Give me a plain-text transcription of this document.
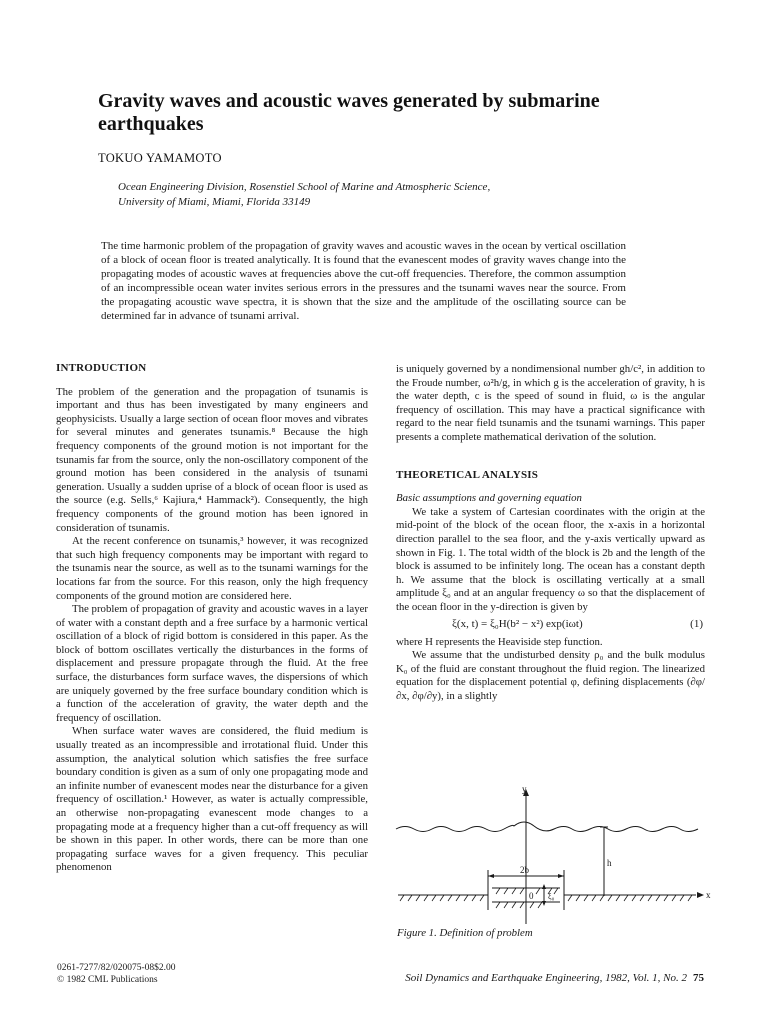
Gravity waves and acoustic waves generated by submarine earthquakes
TOKUO YAMAMOTO
Ocean Engineering Division, Rosenstiel School of Marine and Atmospheric Science,
University of Miami, Miami, Florida 33149
The time harmonic problem of the propagation of gravity waves and acoustic waves in the ocean by vertical oscillation of a block of ocean floor is treated analytically. It is found that the evanescent modes of gravity waves change into the propagating modes of acoustic waves at frequencies above the cut-off frequencies. Therefore, the common assumption of an incompressible ocean water invites serious errors in the pressures and the tsunami waves near the source. From the propagating acoustic wave spectra, it is shown that the size and the amplitude of the oscillating source can be determined far in advance of tsunami arrival.
INTRODUCTION

The problem of the generation and the propagation of tsunamis is important and thus has been investigated by many engineers and geophysicists. Usually a large section of ocean floor moves and vibrates for several minutes and generates tsunamis.⁸ Because the high frequency components of the ground motion is not important for the tsunamis far from the source, only the non-oscillatory component of the ground motion has been considered in the analysis of tsunami generation. Usually a sudden uprise of a block of ocean floor is used as the source (e.g. Sells,⁶ Kajiura,⁴ Hammack²). Consequently, the high frequency components of the ground motion has been ignored in consideration of tsunamis.

At the recent conference on tsunamis,³ however, it was recognized that such high frequency components may be important with regard to the tsunamis near the source, as well as to the tsunami warnings for the locations far from the source. For this reason, only the high frequency components of the ground motion are considered here.

The problem of propagation of gravity and acoustic waves in a layer of water with a constant depth and a free surface by a harmonic vertical oscillation of a block of rigid bottom is considered in this paper. As the block of bottom oscillates vertically the disturbances in the forms of displacement and pressure propagate through the fluid. At the free surface, the disturbances form surface waves, the dispersions of which are uniquely governed by the free surface boundary condition which is a function of the acceleration of gravity, the water depth and the frequency of oscillation.

When surface water waves are considered, the fluid medium is usually treated as an incompressible and irrotational fluid. Under this assumption, the analytical solution which satisfies the free surface boundary condition is given as a sum of only one propagating mode and an infinite number of evanescent modes near the disturbance for a given frequency of oscillation.¹ However, as water is actually compressible, an otherwise non-propagating evanescent mode changes to a propagating mode at a frequency higher than a cut-off frequency as will be shown in this paper. In other words, there can be more than one propagating surface waves for a given frequency. This peculiar phenomenon

is uniquely governed by a nondimensional number gh/c², in addition to the Froude number, ω²h/g, in which g is the acceleration of gravity, h is the water depth, c is the speed of sound in fluid, ω is the angular frequency of oscillation. This may have a practical significance with regard to the near field tsunamis and the tsunami warnings. This paper presents a complete mathematical derivation of the solution.

THEORETICAL ANALYSIS

Basic assumptions and governing equation

We take a system of Cartesian coordinates with the origin at the mid-point of the block of the ocean floor, the x-axis in a horizontal direction parallel to the sea floor, and the y-axis vertically upward as shown in Fig. 1. The total width of the block is 2b and the length of the block is assumed to be infinitely long. The ocean has a constant depth h. We assume that the block is oscillating vertically at a small amplitude ξ₀ and at an angular frequency ω so that the displacement of the ocean floor in the y-direction is given by

ξ(x, t) = ξ₀H(b² − x²) exp(iωt)	(1)

where H represents the Heaviside step function.

We assume that the undisturbed density ρ₀ and the bulk modulus K₀ of the fluid are constant throughout the fluid region. The linearized equation for the displacement potential φ, defining displacements (∂φ/∂x, ∂φ/∂y), in a slightly

y
x
2b
h
0 ξ₀
Figure 1. Definition of problem
0261-7277/82/020075-08$2.00
© 1982 CML Publications	Soil Dynamics and Earthquake Engineering, 1982, Vol. 1, No. 2 75
